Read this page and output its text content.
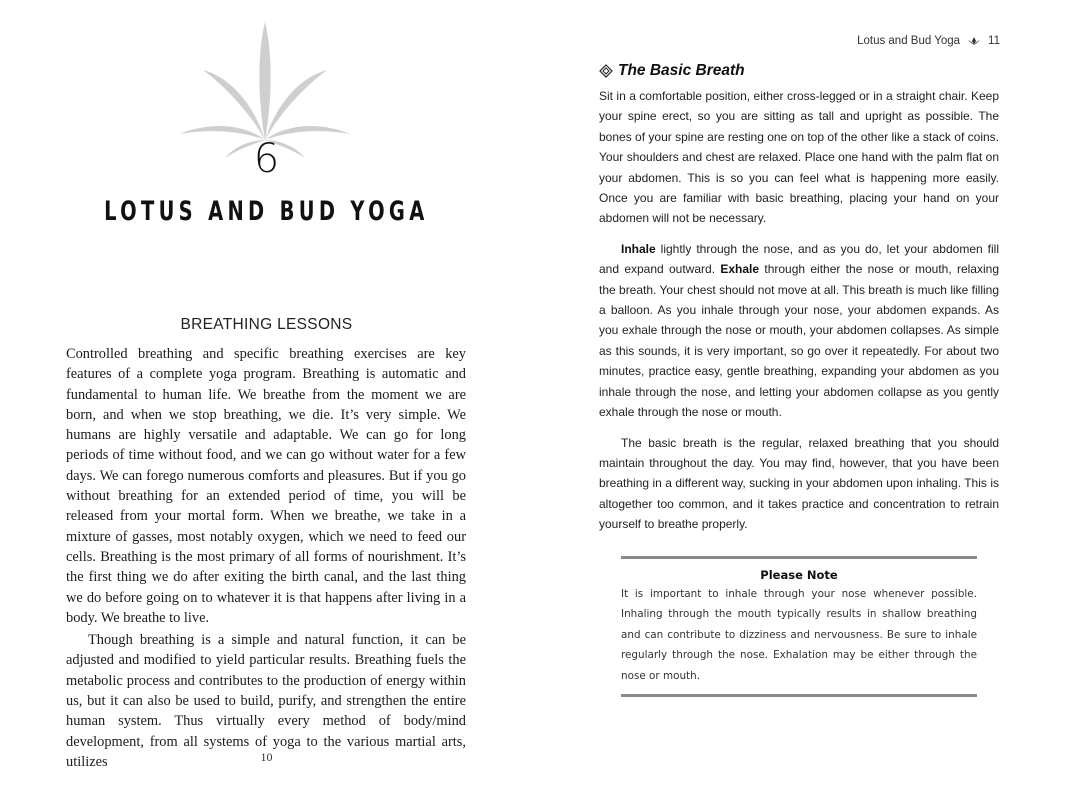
6
LOTUS AND BUD YOGA
BREATHING LESSONS

Controlled breathing and specific breathing exercises are key features of a complete yoga program. Breathing is automatic and fundamental to human life. We breathe from the moment we are born, and when we stop breathing, we die. It’s very simple. We humans are highly versatile and adaptable. We can go for long periods of time without food, and we can go without water for a few days. We can forego numerous comforts and pleasures. But if you go without breathing for an extended period of time, you will be released from your mortal form. When we breathe, we take in a mixture of gasses, most notably oxygen, which we need to feed our cells. Breathing is the most primary of all forms of nourishment. It’s the first thing we do after exiting the birth canal, and the last thing we do before going on to whatever it is that happens after living in a body. We breathe to live.

Though breathing is a simple and natural function, it can be adjusted and modified to yield particular results. Breathing fuels the metabolic process and contributes to the production of energy within us, but it can also be used to build, purify, and strengthen the entire human system. Thus virtually every method of body/mind development, from all systems of yoga to the various martial arts, utilizes	10
Lotus and Bud Yoga 11
The Basic Breath

Sit in a comfortable position, either cross-legged or in a straight chair. Keep your spine erect, so you are sitting as tall and upright as possible. The bones of your spine are resting one on top of the other like a stack of coins. Your shoulders and chest are relaxed. Place one hand with the palm flat on your abdomen. This is so you can feel what is happening more easily. Once you are familiar with basic breathing, placing your hand on your abdomen will not be necessary.

Inhale lightly through the nose, and as you do, let your abdomen fill and expand outward. Exhale through either the nose or mouth, relaxing the breath. Your chest should not move at all. This breath is much like filling a balloon. As you inhale through your nose, your abdomen expands. As you exhale through the nose or mouth, your abdomen collapses. As simple as this sounds, it is very important, so go over it repeatedly. For about two minutes, practice easy, gentle breathing, expanding your abdomen as you inhale through the nose, and letting your abdomen collapse as you gently exhale through the nose or mouth.

The basic breath is the regular, relaxed breathing that you should maintain throughout the day. You may find, however, that you have been breathing in a different way, sucking in your abdomen upon inhaling. This is altogether too common, and it takes practice and concentration to retrain yourself to breathe properly.

Please Note
It is important to inhale through your nose whenever possible. Inhaling through the mouth typically results in shallow breathing and can contribute to dizziness and nervousness. Be sure to inhale regularly through the nose. Exhalation may be either through the nose or mouth.
